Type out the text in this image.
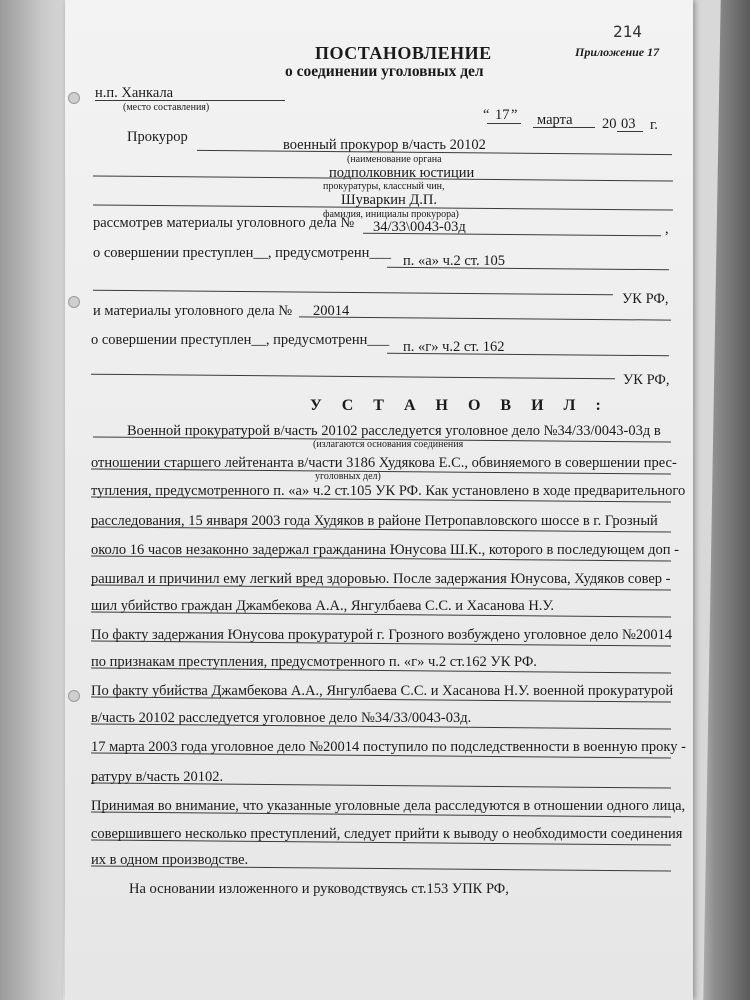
214
Приложение 17
ПОСТАНОВЛЕНИЕ
о соединении уголовных дел
н.п. Ханкала
(место составления)	“ 17 ” марта 20 03 г.
Прокурор	военный прокурор в/часть 20102
(наименование органа
подполковник юстиции
прокуратуры, классный чин,
Шуваркин Д.П.
фамилия, инициалы прокурора)
рассмотрев материалы уголовного дела № 34/33\0043-03д	,
о совершении преступлен__, предусмотренн___ п. «а» ч.2 ст. 105
УК РФ,
и материалы уголовного дела № 20014
о совершении преступлен__, предусмотренн___ п. «г» ч.2 ст. 162
УК РФ,
У С Т А Н О В И Л :
Военной прокуратурой в/часть 20102 расследуется уголовное дело №34/33/0043-03д в
(излагаются основания соединения
отношении старшего лейтенанта в/части 3186 Худякова Е.С., обвиняемого в совершении прес-
уголовных дел)
тупления, предусмотренного п. «а» ч.2 ст.105 УК РФ. Как установлено в ходе предварительного
расследования, 15 января 2003 года Худяков в районе Петропавловского шоссе в г. Грозный
около 16 часов незаконно задержал гражданина Юнусова Ш.К., которого в последующем доп -
рашивал и причинил ему легкий вред здоровью. После задержания Юнусова, Худяков совер -
шил убийство граждан Джамбекова А.А., Янгулбаева С.С. и Хасанова Н.У.
По факту задержания Юнусова прокуратурой г. Грозного возбуждено уголовное дело №20014
по признакам преступления, предусмотренного п. «г» ч.2 ст.162 УК РФ.
По факту убийства Джамбекова А.А., Янгулбаева С.С. и Хасанова Н.У. военной прокуратурой
в/часть 20102 расследуется уголовное дело №34/33/0043-03д.
17 марта 2003 года уголовное дело №20014 поступило по подследственности в военную проку -
ратуру в/часть 20102.
Принимая во внимание, что указанные уголовные дела расследуются в отношении одного лица,
совершившего несколько преступлений, следует прийти к выводу о необходимости соединения
их в одном производстве.
На основании изложенного и руководствуясь ст.153 УПК РФ,
